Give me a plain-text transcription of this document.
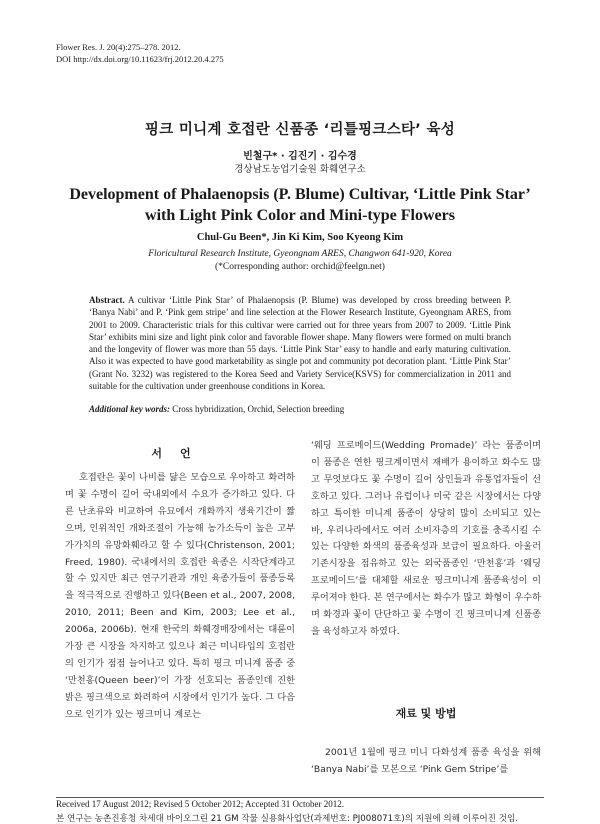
Flower Res. J. 20(4):275–278. 2012.
DOI http://dx.doi.org/10.11623/frj.2012.20.4.275
핑크 미니계 호접란 신품종 ‘리틀핑크스타’ 육성
빈철구* · 김진기 · 김수경
경상남도농업기술원 화훼연구소
Development of Phalaenopsis (P. Blume) Cultivar, ‘Little Pink Star’
with Light Pink Color and Mini-type Flowers
Chul-Gu Been*, Jin Ki Kim, Soo Kyeong Kim
Floricultural Research Institute, Gyeongnam ARES, Changwon 641-920, Korea
(*Corresponding author: orchid@feelgn.net)
Abstract. A cultivar ‘Little Pink Star’ of Phalaenopsis (P. Blume) was developed by cross breeding between P. ‘Banya Nabi’ and P. ‘Pink gem stripe’ and line selection at the Flower Research Institute, Gyeongnam ARES, from 2001 to 2009. Characteristic trials for this cultivar were carried out for three years from 2007 to 2009. ‘Little Pink Star’ exhibits mini size and light pink color and favorable flower shape. Many flowers were formed on multi branch and the longevity of flower was more than 55 days. ‘Little Pink Star’ easy to handle and early maturing cultivation. Also it was expected to have good marketability as single pot and community pot decoration plant. ‘Little Pink Star’ (Grant No. 3232) was registered to the Korea Seed and Variety Service(KSVS) for commercialization in 2011 and suitable for the cultivation under greenhouse conditions in Korea.
Additional key words: Cross hybridization, Orchid, Selection breeding
서언
호접란은 꽃이 나비를 닮은 모습으로 우아하고 화려하며 꽃 수명이 길어 국내외에서 수요가 증가하고 있다. 다른 난초류와 비교하여 유묘에서 개화까지 생육기간이 짧으며, 인위적인 개화조절이 가능해 농가소득이 높은 고부가가치의 유망화훼라고 할 수 있다(Christenson, 2001; Freed, 1980). 국내에서의 호접란 육종은 시작단계라고 할 수 있지만 최근 연구기관과 개인 육종가들이 품종등록을 적극적으로 진행하고 있다(Been et al., 2007, 2008, 2010, 2011; Been and Kim, 2003; Lee et al., 2006a, 2006b). 현재 한국의 화훼경매장에서는 대륜이 가장 큰 시장을 차지하고 있으나 최근 미니타입의 호접란의 인기가 점점 늘어나고 있다. 특히 핑크 미니계 품종 중 ‘만천홍(Queen beer)’이 가장 선호되는 품종인데 진한 밝은 핑크색으로 화려하여 시장에서 인기가 높다. 그 다음으로 인기가 있는 핑크미니 계로는
‘웨딩 프로메이드(Wedding Promade)’ 라는 품종이며 이 품종은 연한 핑크계이면서 재배가 용이하고 화수도 많고 무엇보다도 꽃 수명이 길어 상인들과 유통업자들이 선호하고 있다. 그러나 유럽이나 미국 같은 시장에서는 다양하고 특이한 미니계 품종이 상당히 많이 소비되고 있는 바, 우리나라에서도 여러 소비자층의 기호를 충족시킬 수 있는 다양한 화색의 품종육성과 보급이 필요하다. 아울러 기존시장을 점유하고 있는 외국품종인 ‘만천홍’과 ‘웨딩 프로메이드’를 대체할 새로운 핑크미니계 품종육성이 이루어져야 한다. 본 연구에서는 화수가 많고 화형이 우수하며 화경과 꽃이 단단하고 꽃 수명이 긴 핑크미니계 신품종을 육성하고자 하였다.
재료 및 방법
2001년 1월에 핑크 미니 다화성계 품종 육성을 위해 ‘Banya Nabi’를 모본으로 ‘Pink Gem Stripe’를
Received 17 August 2012; Revised 5 October 2012; Accepted 31 October 2012.
본 연구는 농촌진흥청 차세대 바이오그린 21 GM 작물 실용화사업단(과제번호: PJ008071호)의 지원에 의해 이루어진 것임.
